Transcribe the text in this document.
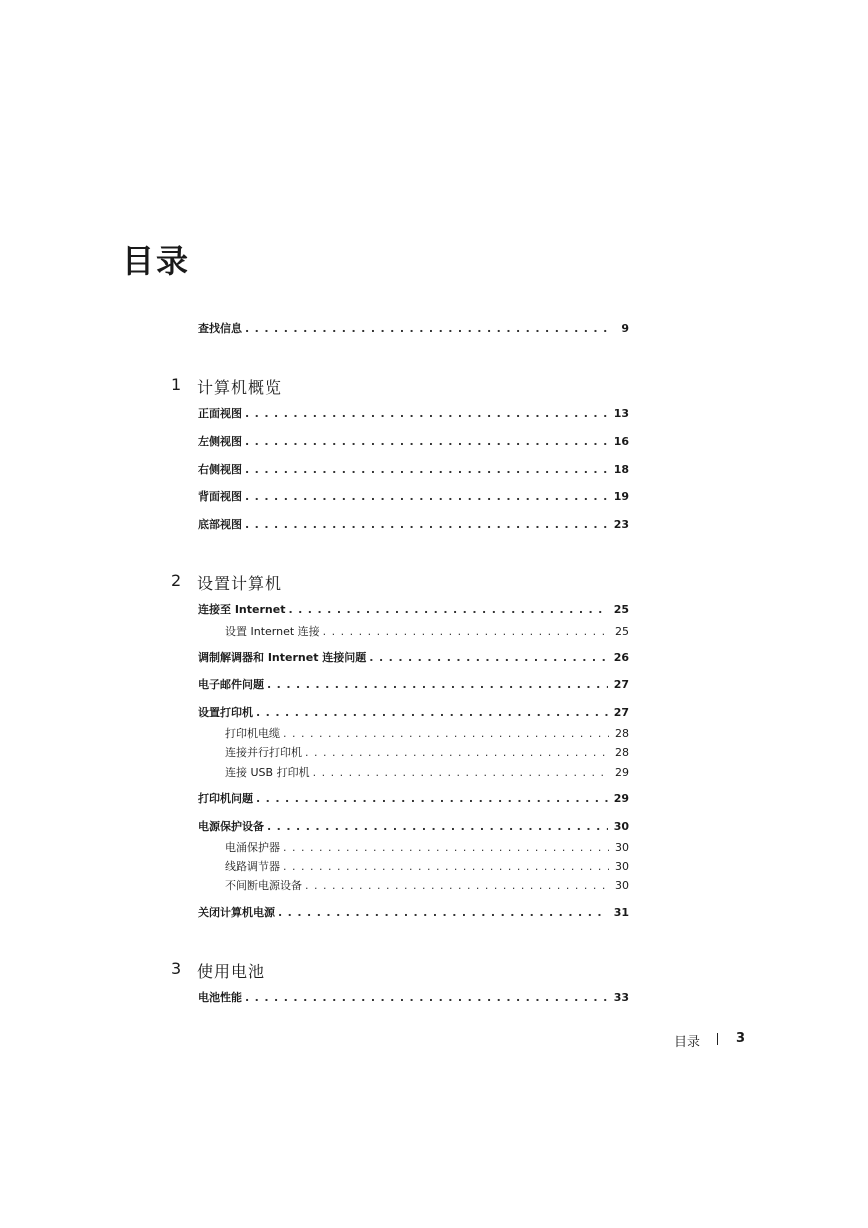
目录
查找信息 .....	9
1 计算机概览
正面视图 .....	13
左侧视图 .....	16
右侧视图 .....	18
背面视图 .....	19
底部视图 .....	23
2 设置计算机
连接至 Internet .....	25
设置 Internet 连接 .....	25
调制解调器和 Internet 连接问题 .....	26
电子邮件问题 .....	27
设置打印机 .....	27
打印机电缆 .....	28
连接并行打印机 .....	28
连接 USB 打印机 .....	29
打印机问题 .....	29
电源保护设备 .....	30
电涌保护器 .....	30
线路调节器 .....	30
不间断电源设备 .....	30
关闭计算机电源 .....	31
3 使用电池
电池性能 .....	33
目录	3
